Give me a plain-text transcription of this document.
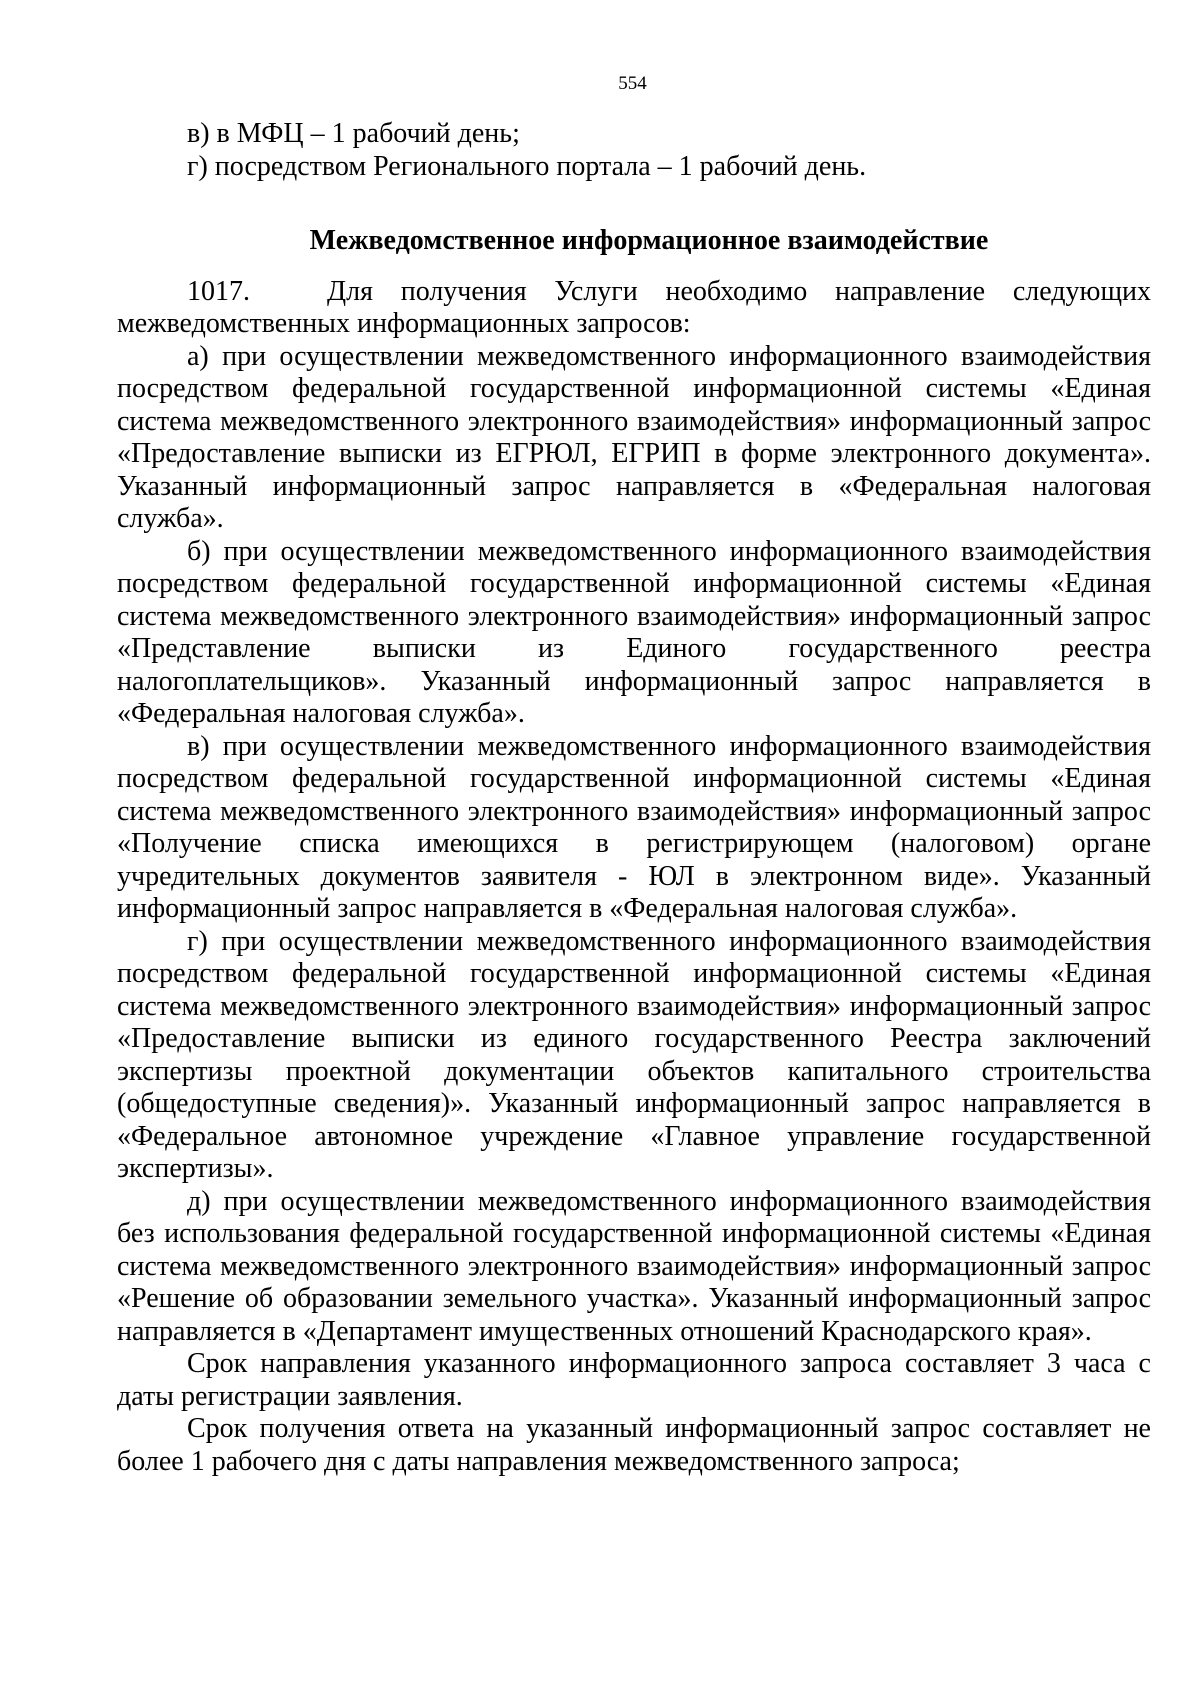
554
в) в МФЦ – 1 рабочий день;
г) посредством Регионального портала – 1 рабочий день.
Межведомственное информационное взаимодействие

1017.	Для получения Услуги необходимо направление следующих межведомственных информационных запросов:

а) при осуществлении межведомственного информационного взаимодействия посредством федеральной государственной информационной системы «Единая система межведомственного электронного взаимодействия» информационный запрос «Предоставление выписки из ЕГРЮЛ, ЕГРИП в форме электронного документа». Указанный информационный запрос направляется в «Федеральная налоговая служба».

б) при осуществлении межведомственного информационного взаимодействия посредством федеральной государственной информационной системы «Единая система межведомственного электронного взаимодействия» информационный запрос «Представление выписки из Единого государственного реестра налогоплательщиков». Указанный информационный запрос направляется в «Федеральная налоговая служба».

в) при осуществлении межведомственного информационного взаимодействия посредством федеральной государственной информационной системы «Единая система межведомственного электронного взаимодействия» информационный запрос «Получение списка имеющихся в регистрирующем (налоговом) органе учредительных документов заявителя - ЮЛ в электронном виде». Указанный информационный запрос направляется в «Федеральная налоговая служба».

г) при осуществлении межведомственного информационного взаимодействия посредством федеральной государственной информационной системы «Единая система межведомственного электронного взаимодействия» информационный запрос «Предоставление выписки из единого государственного Реестра заключений экспертизы проектной документации объектов капитального строительства (общедоступные сведения)». Указанный информационный запрос направляется в «Федеральное автономное учреждение «Главное управление государственной экспертизы».

д) при осуществлении межведомственного информационного взаимодействия без использования федеральной государственной информационной системы «Единая система межведомственного электронного взаимодействия» информационный запрос «Решение об образовании земельного участка». Указанный информационный запрос направляется в «Департамент имущественных отношений Краснодарского края».

Срок направления указанного информационного запроса составляет 3 часа с даты регистрации заявления.

Срок получения ответа на указанный информационный запрос составляет не более 1 рабочего дня с даты направления межведомственного запроса;
